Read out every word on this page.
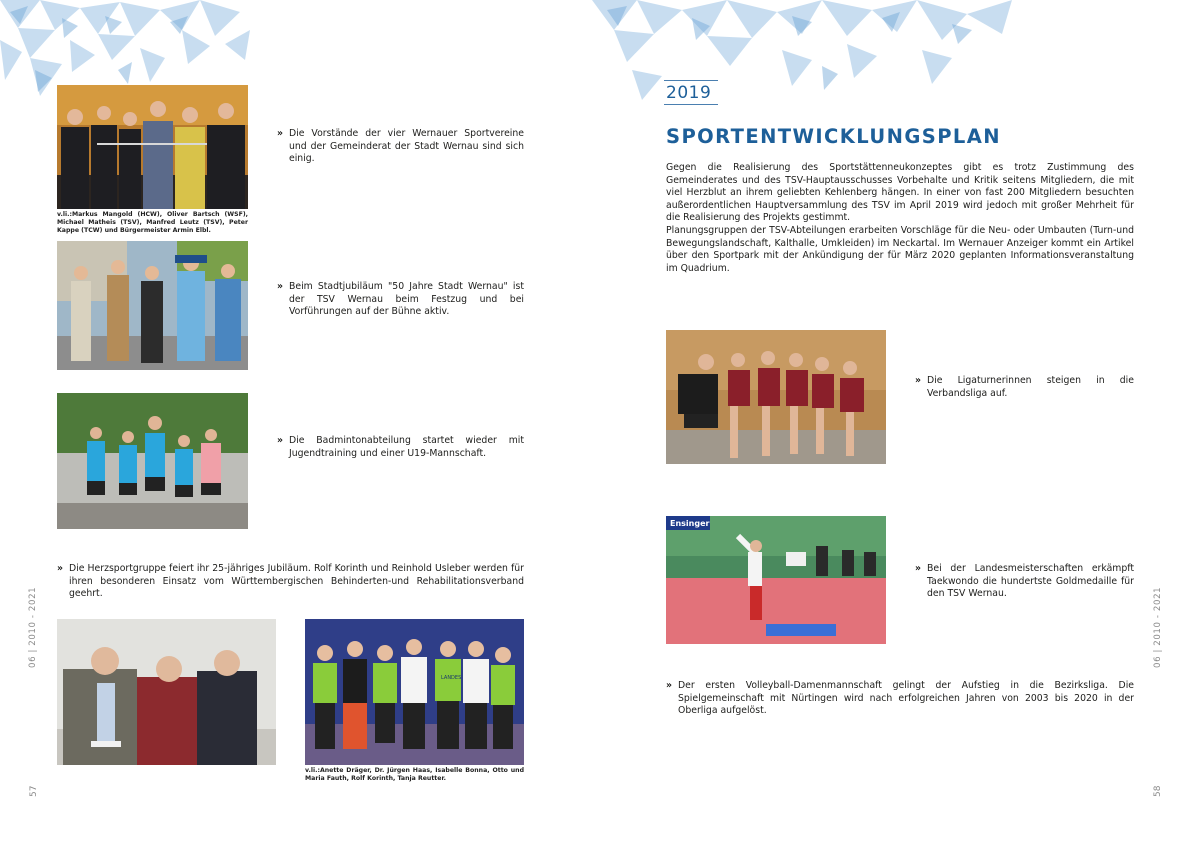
v.li.:Markus Mangold (HCW), Oliver Bartsch (WSF), Michael Matheis (TSV), Manfred Leutz (TSV), Peter Kappe (TCW) und Bürgermeister Armin Elbl.
LANDES
v.li.:Anette Dräger, Dr. Jürgen Haas, Isabelle Bonna, Otto und Maria Fauth, Rolf Korinth, Tanja Reutter.
» Die Vorstände der vier Wernauer Sportvereine und der Gemeinderat der Stadt Wernau sind sich einig.
» Beim Stadtjubiläum "50 Jahre Stadt Wernau" ist der TSV Wernau beim Festzug und bei Vorführungen auf der Bühne aktiv.
» Die Badmintonabteilung startet wieder mit Jugendtraining und einer U19-Mannschaft.
» Die Herzsportgruppe feiert ihr 25-jähriges Jubiläum. Rolf Korinth und Reinhold Usleber werden für ihren besonderen Einsatz vom Württembergischen Behinderten-und Rehabilitationsverband geehrt.
06 | 2010 - 2021
57
2019
SPORTENTWICKLUNGSPLAN
Gegen die Realisierung des Sportstättenneukonzeptes gibt es trotz Zustimmung des Gemeinderates und des TSV-Hauptausschusses Vorbehalte und Kritik seitens Mitgliedern, die mit viel Herzblut an ihrem geliebten Kehlenberg hängen. In einer von fast 200 Mitgliedern besuchten außerordentlichen Hauptversammlung des TSV im April 2019 wird jedoch mit großer Mehrheit für die Realisierung des Projekts gestimmt.
Planungsgruppen der TSV-Abteilungen erarbeiten Vorschläge für die Neu- oder Umbauten (Turn-und Bewegungslandschaft, Kalthalle, Umkleiden) im Neckartal. Im Wernauer Anzeiger kommt ein Artikel über den Sportpark mit der Ankündigung der für März 2020 geplanten Informationsveranstaltung im Quadrium.
Ensinger
» Die Ligaturnerinnen steigen in die Verbandsliga auf.
» Bei der Landesmeisterschaften erkämpft Taekwondo die hundertste Goldmedaille für den TSV Wernau.
» Der ersten Volleyball-Damenmannschaft gelingt der Aufstieg in die Bezirksliga. Die Spielgemeinschaft mit Nürtingen wird nach erfolgreichen Jahren von 2003 bis 2020 in der Oberliga aufgelöst.
06 | 2010 - 2021
58
